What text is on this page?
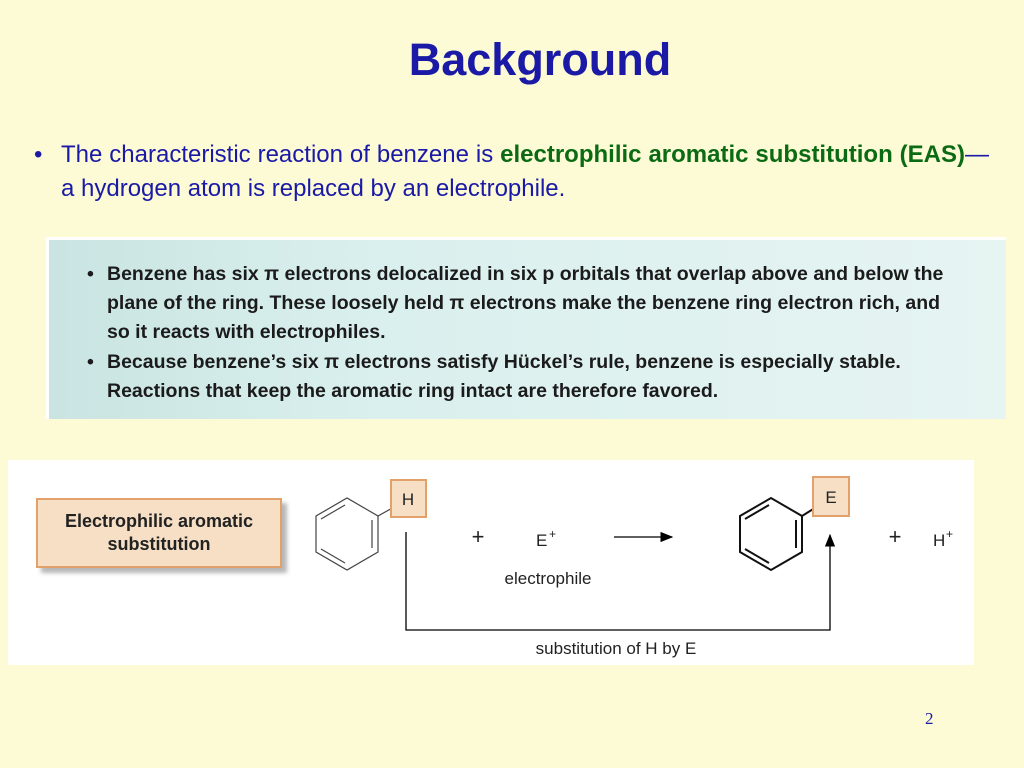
Background
• The characteristic reaction of benzene is electrophilic aromatic substitution (EAS)—a hydrogen atom is replaced by an electrophile.
• Benzene has six π electrons delocalized in six p orbitals that overlap above and below the plane of the ring. These loosely held π electrons make the benzene ring electron rich, and so it reacts with electrophiles.
• Because benzene’s six π electrons satisfy Hückel’s rule, benzene is especially stable. Reactions that keep the aromatic ring intact are therefore favored.
Electrophilic aromatic
substitution
H
+	E +
electrophile
E
+ H +
substitution of H by E
2
